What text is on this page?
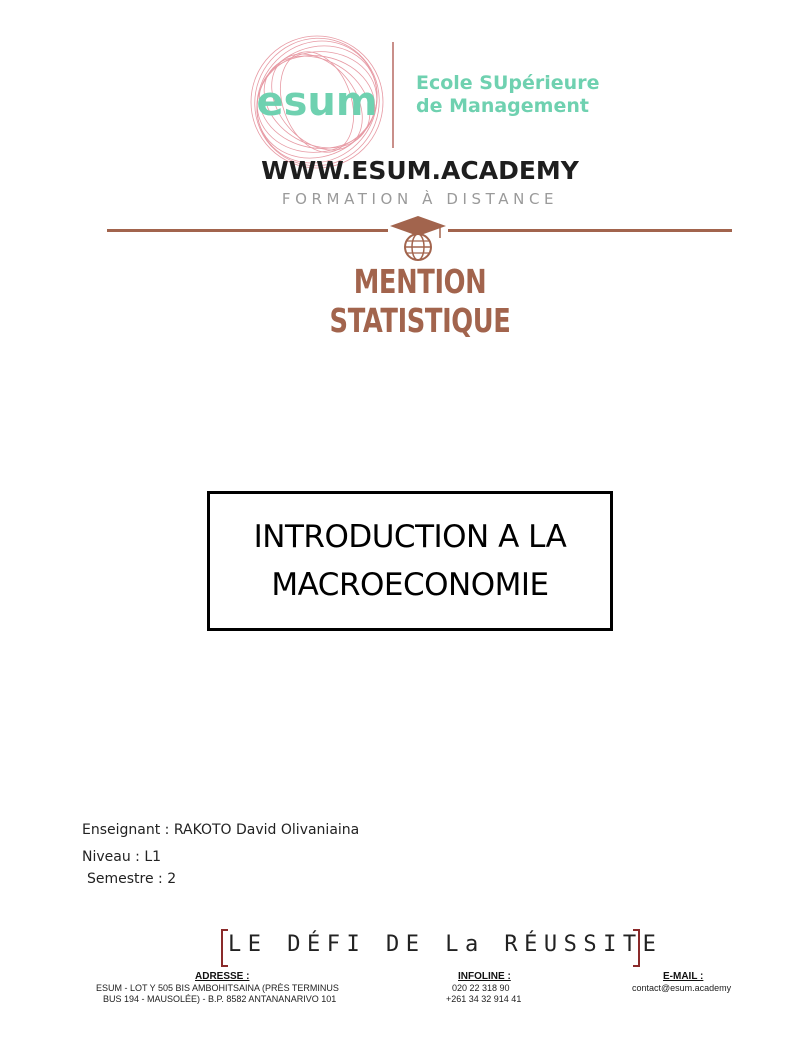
esum Ecole SUpérieure
de Management
WWW.ESUM.ACADEMY
FORMATION À DISTANCE
MENTION STATISTIQUE
INTRODUCTION A LA
MACROECONOMIE
Enseignant : RAKOTO David Olivaniaina
Niveau : L1
Semestre : 2
LE DÉFI DE La RÉUSSITE
ADRESSE :
ESUM - LOT Y 505 BIS AMBOHITSAINA (PRÈS TERMINUS
BUS 194 - MAUSOLÉE) - B.P. 8582 ANTANANARIVO 101
INFOLINE :
020 22 318 90
+261 34 32 914 41
E-MAIL :
contact@esum.academy
